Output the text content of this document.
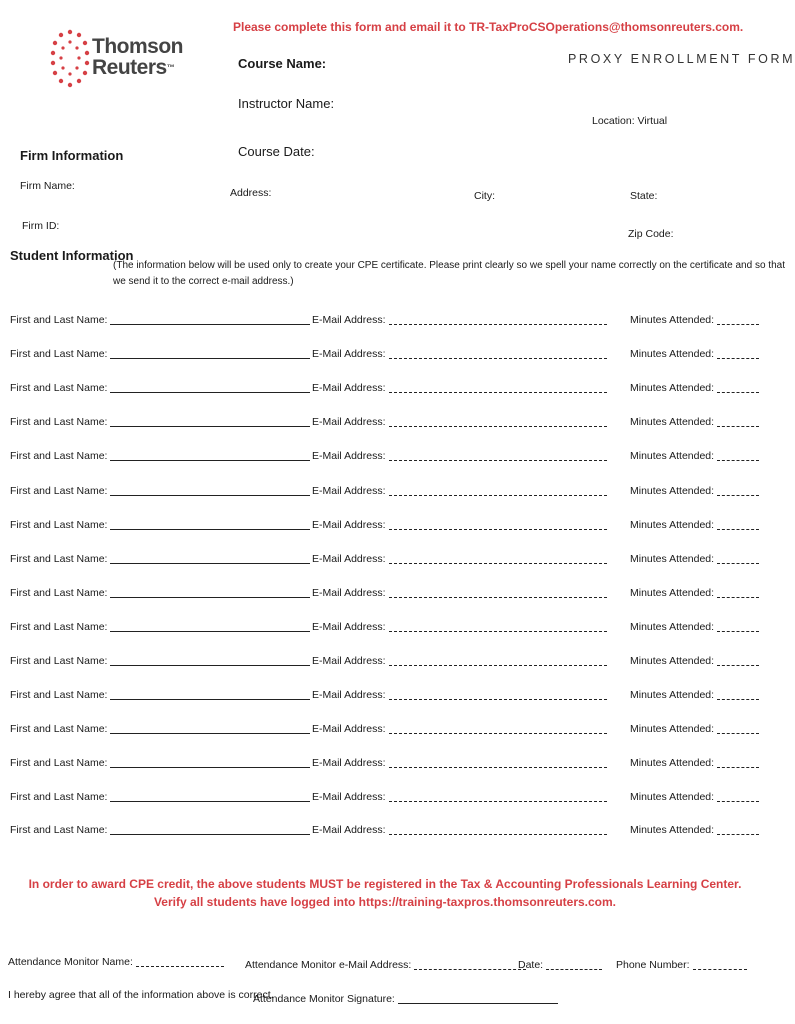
Thomson
Reuters™
Please complete this form and email it to TR-TaxProCSOperations@thomsonreuters.com.
PROXY ENROLLMENT FORM
Course Name:
Instructor Name:
Location: Virtual
Course Date:
Firm Information
Firm Name:
Address:	City:	State:
Firm ID:
Zip Code:
Student Information
(The information below will be used only to create your CPE certificate. Please print clearly so we spell your name correctly on the certificate and so that
we send it to the correct e-mail address.)
First and Last Name:	E-Mail Address:	Minutes Attended:
First and Last Name:	E-Mail Address:	Minutes Attended:
First and Last Name:	E-Mail Address:	Minutes Attended:
First and Last Name:	E-Mail Address:	Minutes Attended:
First and Last Name:	E-Mail Address:	Minutes Attended:
First and Last Name:	E-Mail Address:	Minutes Attended:
First and Last Name:	E-Mail Address:	Minutes Attended:
First and Last Name:	E-Mail Address:	Minutes Attended:
First and Last Name:	E-Mail Address:	Minutes Attended:
First and Last Name:	E-Mail Address:	Minutes Attended:
First and Last Name:	E-Mail Address:	Minutes Attended:
First and Last Name:	E-Mail Address:	Minutes Attended:
First and Last Name:	E-Mail Address:	Minutes Attended:
First and Last Name:	E-Mail Address:	Minutes Attended:
First and Last Name:	E-Mail Address:	Minutes Attended:
First and Last Name:	E-Mail Address:	Minutes Attended:
In order to award CPE credit, the above students MUST be registered in the Tax & Accounting Professionals Learning Center.
Verify all students have logged into https://training-taxpros.thomsonreuters.com.
Attendance Monitor Name:	Attendance Monitor e-Mail Address:	Date:	Phone Number:
I hereby agree that all of the information above is correct.
Attendance Monitor Signature:
